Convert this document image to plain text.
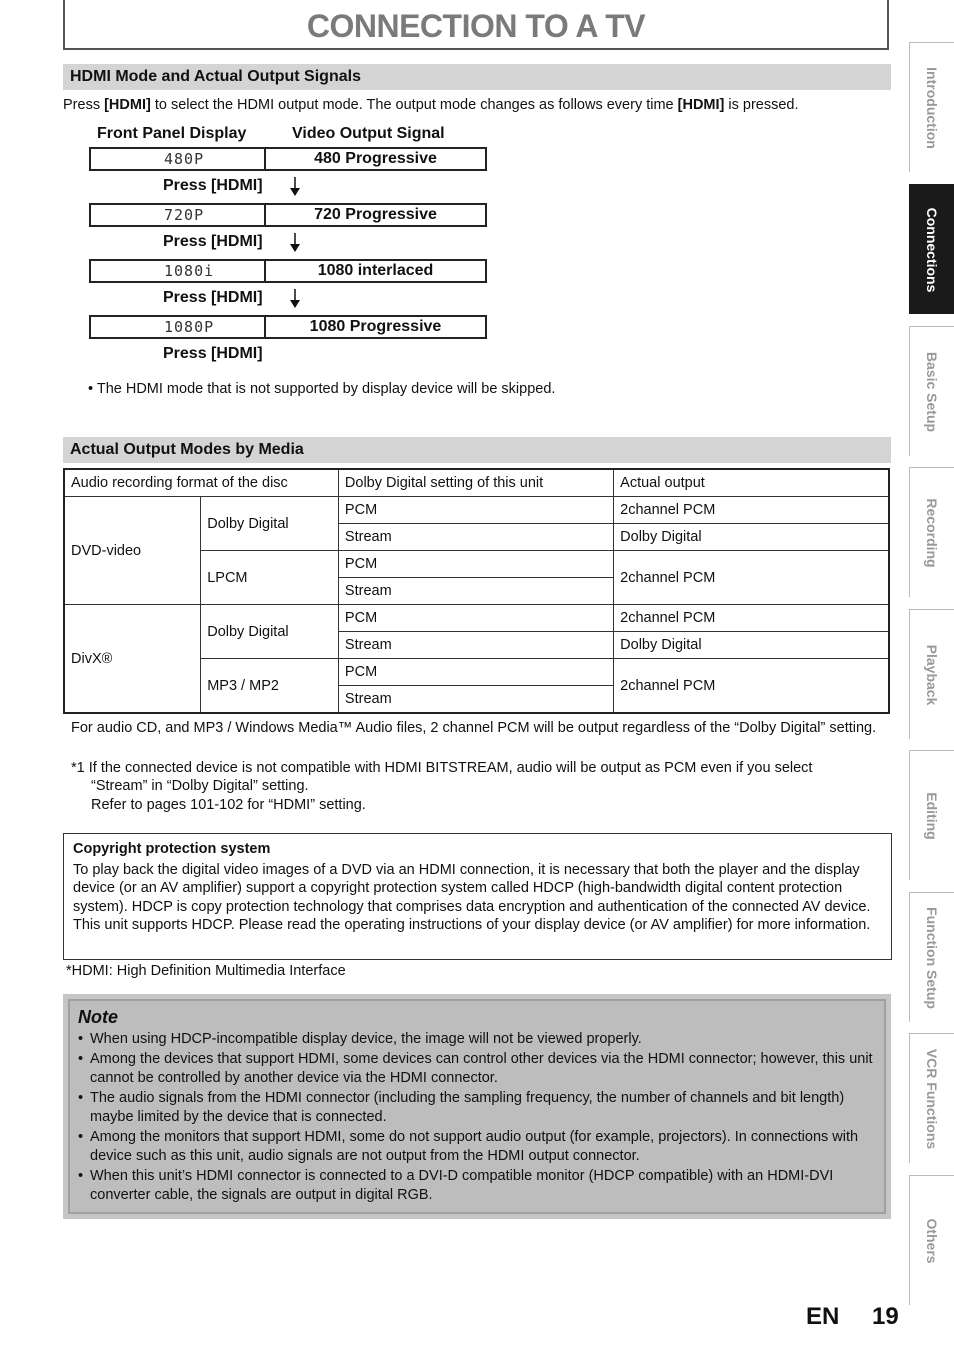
CONNECTION TO A TV
HDMI Mode and Actual Output Signals
Press [HDMI] to select the HDMI output mode. The output mode changes as follows every time [HDMI] is pressed.
Front Panel Display	Video Output Signal
480P	480 Progressive
Press [HDMI]
720P	720 Progressive
Press [HDMI]
1080i	1080 interlaced
Press [HDMI]
1080P	1080 Progressive
Press [HDMI]
• The HDMI mode that is not supported by display device will be skipped.
Actual Output Modes by Media
Audio recording format of the disc		Dolby Digital setting of this unit	Actual output
DVD-video	Dolby Digital	PCM	2channel PCM
		Stream	Dolby Digital
	LPCM	PCM	2channel PCM
		Stream	
DivX®	Dolby Digital	PCM	2channel PCM
		Stream	Dolby Digital
	MP3 / MP2	PCM	2channel PCM
		Stream	
For audio CD, and MP3 / Windows Media™ Audio files, 2 channel PCM will be output regardless of the “Dolby Digital” setting.
*1 If the connected device is not compatible with HDMI BITSTREAM, audio will be output as PCM even if you select
“Stream” in “Dolby Digital” setting.
Refer to pages 101-102 for “HDMI” setting.
Copyright protection system
To play back the digital video images of a DVD via an HDMI connection, it is necessary that both the player and the display device (or an AV amplifier) support a copyright protection system called HDCP (high-bandwidth digital content protection system). HDCP is copy protection technology that comprises data encryption and authentication of the connected AV device. This unit supports HDCP. Please read the operating instructions of your display device (or AV amplifier) for more information.
*HDMI: High Definition Multimedia Interface
Note
• When using HDCP-incompatible display device, the image will not be viewed properly.
• Among the devices that support HDMI, some devices can control other devices via the HDMI connector; however, this unit cannot be controlled by another device via the HDMI connector.
• The audio signals from the HDMI connector (including the sampling frequency, the number of channels and bit length) maybe limited by the device that is connected.
• Among the monitors that support HDMI, some do not support audio output (for example, projectors). In connections with device such as this unit, audio signals are not output from the HDMI output connector.
• When this unit’s HDMI connector is connected to a DVI-D compatible monitor (HDCP compatible) with an HDMI-DVI converter cable, the signals are output in digital RGB.
Introduction
Connections
Basic Setup
Recording
Playback
Editing
Function Setup
VCR Functions
Others
EN 19
